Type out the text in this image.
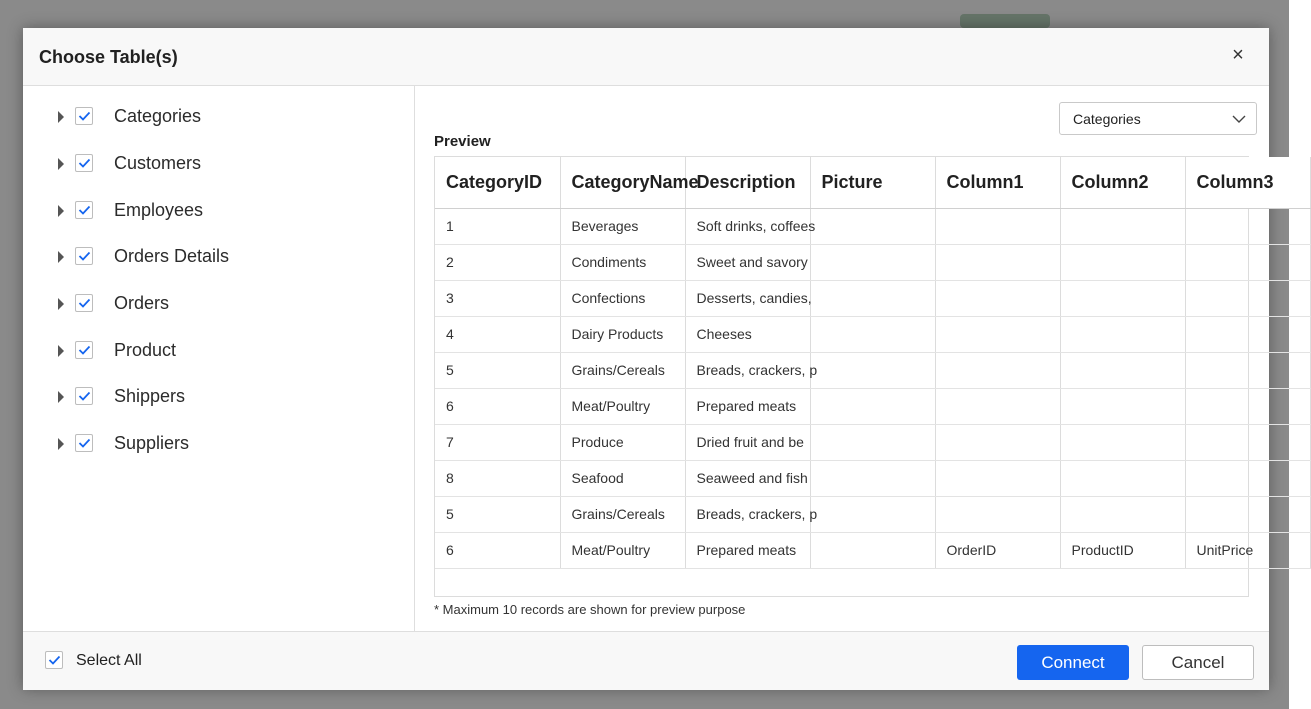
Choose Table(s)	×
Categories
Customers
Employees
Orders Details
Orders
Product
Shippers
Suppliers
Categories
Preview
CategoryID	CategoryName	Description	Picture	Column1	Column2	Column3
1	Beverages	Soft drinks, coffees				
2	Condiments	Sweet and savory				
3	Confections	Desserts, candies,				
4	Dairy Products	Cheeses				
5	Grains/Cereals	Breads, crackers, p				
6	Meat/Poultry	Prepared meats				
7	Produce	Dried fruit and be				
8	Seafood	Seaweed and fish				
5	Grains/Cereals	Breads, crackers, p				
6	Meat/Poultry	Prepared meats		OrderID	ProductID	UnitPrice
* Maximum 10 records are shown for preview purpose
Select All	Connect	Cancel
